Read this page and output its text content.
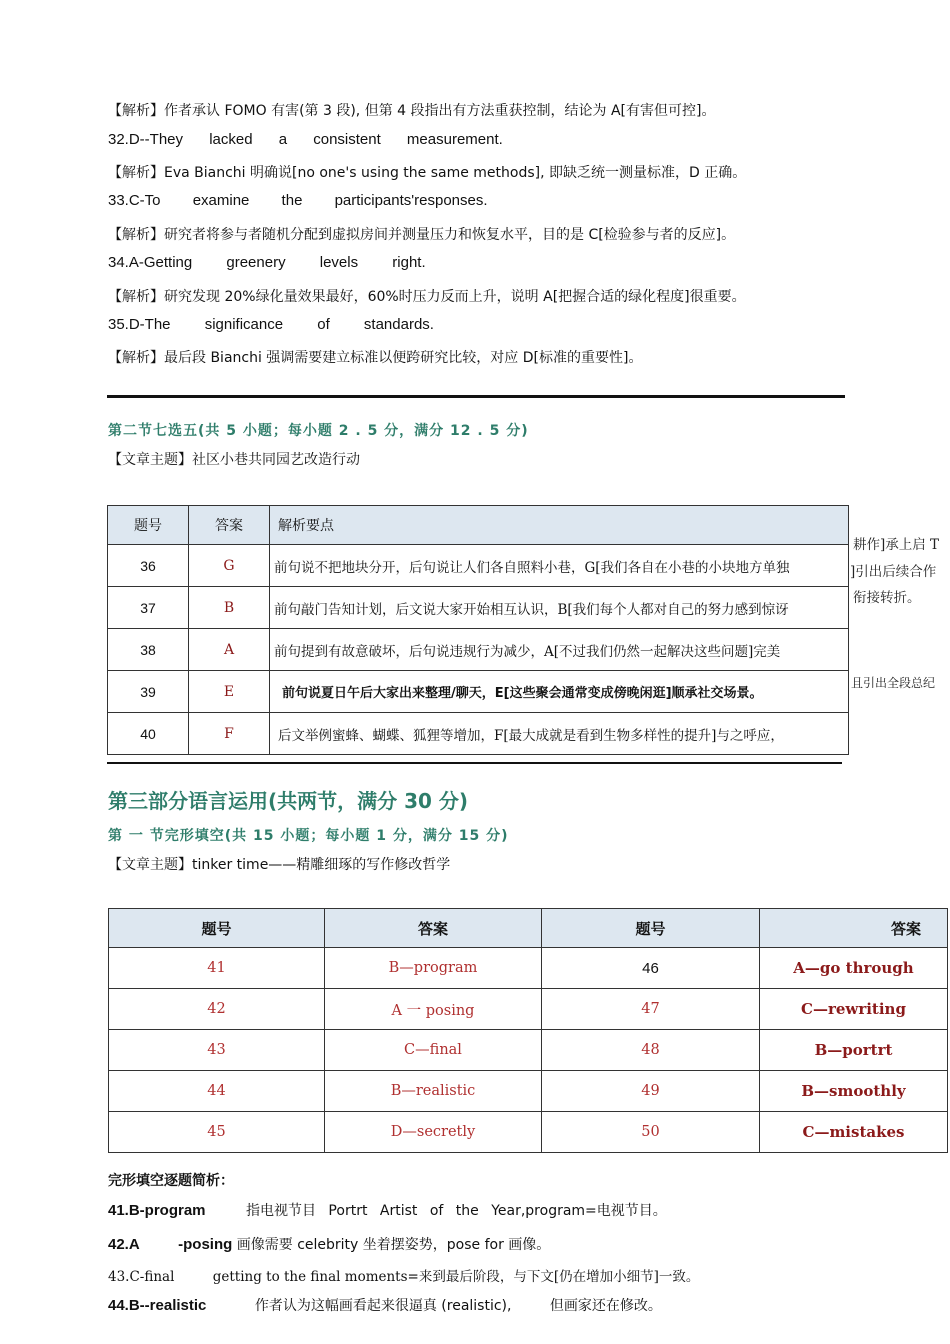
【解析】作者承认 FOMO 有害(第 3 段), 但第 4 段指出有方法重获控制，结论为 A[有害但可控]。
32.D--They lacked a consistent measurement.
【解析】Eva Bianchi 明确说[no one's using the same methods], 即缺乏统一测量标准，D 正确。
33.C-To examine the participants'responses.
【解析】研究者将参与者随机分配到虚拟房间并测量压力和恢复水平，目的是 C[检验参与者的反应]。
34.A-Getting greenery levels right.
【解析】研究发现 20%绿化量效果最好，60%时压力反而上升，说明 A[把握合适的绿化程度]很重要。
35.D-The significance of standards.
【解析】最后段 Bianchi 强调需要建立标准以便跨研究比较，对应 D[标准的重要性]。
第二节七选五(共 5 小题；每小题 2 . 5 分，满分 12 . 5 分)
【文章主题】社区小巷共同园艺改造行动
题号	答案	解析要点
36	G	前句说不把地块分开，后句说让人们各自照料小巷，G[我们各自在小巷的小块地方单独
37	B	前句敲门告知计划，后文说大家开始相互认识，B[我们每个人都对自己的努力感到惊讶
38	A	前句提到有故意破坏，后句说违规行为减少，A[不过我们仍然一起解决这些问题]完美
39	E	前句说夏日午后大家出来整理/聊天，E[这些聚会通常变成傍晚闲逛]顺承社交场景。
40	F	后文举例蜜蜂、蝴蝶、狐狸等增加，F[最大成就是看到生物多样性的提升]与之呼应，
耕作]承上启 T
]引出后续合作
衔接转折。
且引出全段总纪
第三部分语言运用(共两节，满分 30 分)
第 一 节完形填空(共 15 小题；每小题 1 分，满分 15 分)
【文章主题】tinker time——精雕细琢的写作修改哲学
题号	答案	题号	答案
41	B—program	46	A—go through
42	A 一 posing	47	C—rewriting
43	C—final	48	B—portrt
44	B—realistic	49	B—smoothly
45	D—secretly	50	C—mistakes
完形填空逐题简析：
41.B-program	指电视节目 Portrt Artist of the Year,program=电视节目。
42.A	-posing 画像需要 celebrity 坐着摆姿势，pose for 画像。
43.C-final	getting to the final moments=来到最后阶段，与下文[仍在增加小细节]一致。
44.B--realistic	作者认为这幅画看起来很逼真 (realistic),	但画家还在修改。
